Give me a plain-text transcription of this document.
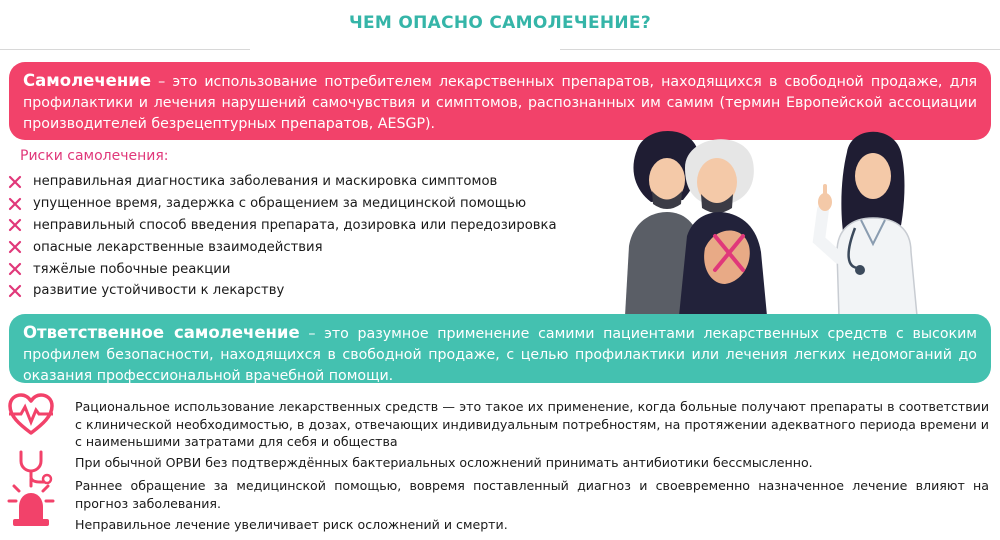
ЧЕМ ОПАСНО САМОЛЕЧЕНИЕ?

Самолечение – это использование потребителем лекарственных препаратов, находящихся в свободной продаже, для профилактики и лечения нарушений самочувствия и симптомов, распознанных им самим (термин Европейской ассоциации производителей безрецептурных препаратов, AESGP).

Риски самолечения:
неправильная диагностика заболевания и маскировка симптомов
упущенное время, задержка с обращением за медицинской помощью
неправильный способ введения препарата, дозировка или передозировка
опасные лекарственные взаимодействия
тяжёлые побочные реакции
развитие устойчивости к лекарству

Ответственное самолечение – это разумное применение самими пациентами лекарственных средств с высоким профилем безопасности, находящихся в свободной продаже, с целью профилактики или лечения легких недомоганий до оказания профессиональной врачебной помощи.

Рациональное использование лекарственных средств — это такое их применение, когда больные получают препараты в соответствии с клинической необходимостью, в дозах, отвечающих индивидуальным потребностям, на протяжении адекватного периода времени и с наименьшими затратами для себя и общества

При обычной ОРВИ без подтверждённых бактериальных осложнений принимать антибиотики бессмысленно.

Раннее обращение за медицинской помощью, вовремя поставленный диагноз и своевременно назначенное лечение влияют на прогноз заболевания.

Неправильное лечение увеличивает риск осложнений и смерти.
